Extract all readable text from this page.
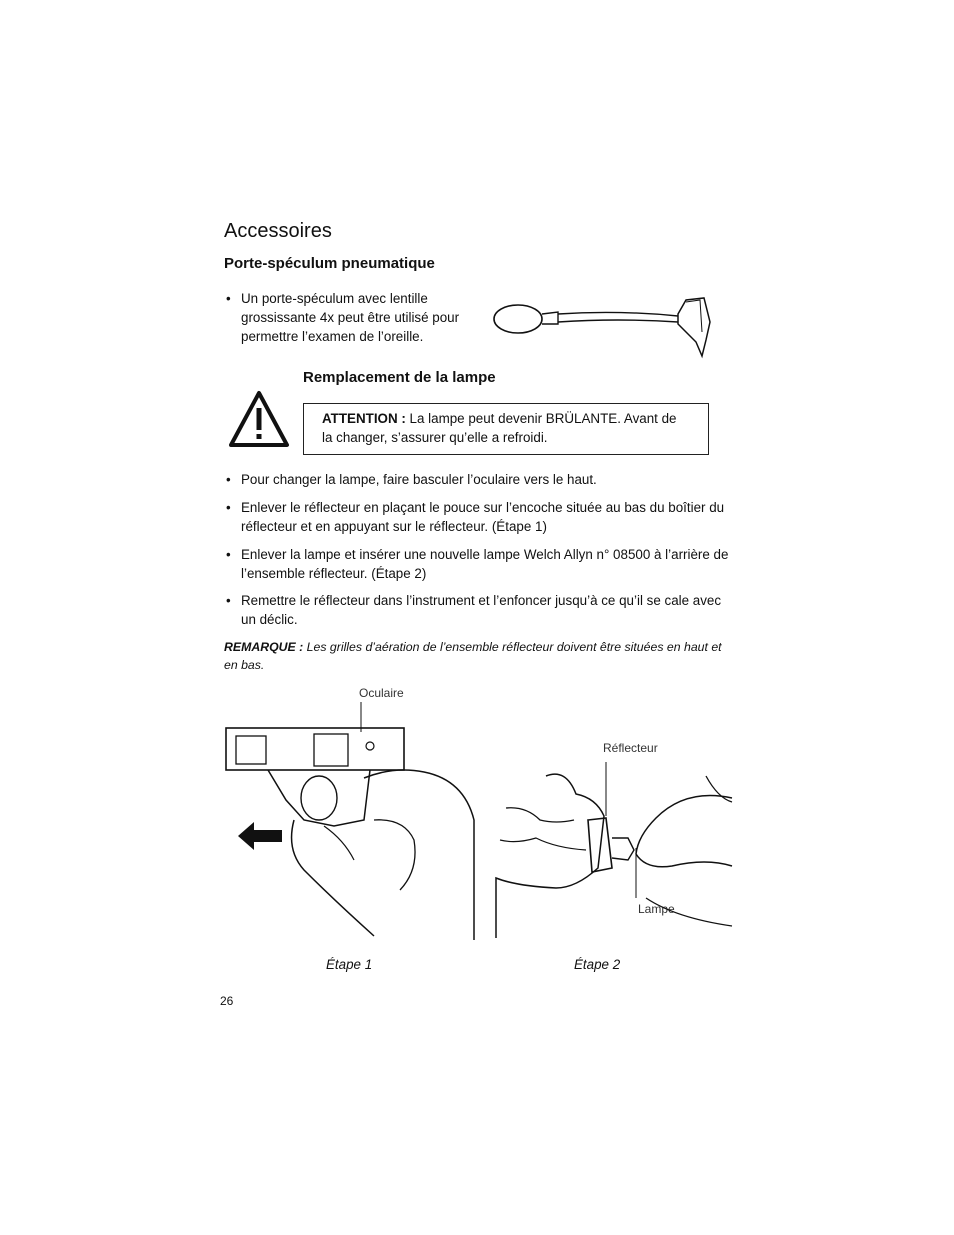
Accessoires
Porte-spéculum pneumatique
• Un porte-spéculum avec lentille grossissante 4x peut être utilisé pour permettre l’examen de l’oreille.
Remplacement de la lampe
ATTENTION : La lampe peut devenir BRÜLANTE. Avant de la changer, s’assurer qu’elle a refroidi.
• Pour changer la lampe, faire basculer l’oculaire vers le haut.
• Enlever le réflecteur en plaçant le pouce sur l’encoche située au bas du boîtier du réflecteur et en appuyant sur le réflecteur. (Étape 1)
• Enlever la lampe et insérer une nouvelle lampe Welch Allyn n° 08500 à l’arrière de l’ensemble réflecteur. (Étape 2)
• Remettre le réflecteur dans l’instrument et l’enfoncer jusqu’à ce qu’il se cale avec un déclic.
REMARQUE : Les grilles d’aération de l’ensemble réflecteur doivent être situées en haut et en bas.
Oculaire
Étape 1
Réflecteur
Lampe
Étape 2
26
